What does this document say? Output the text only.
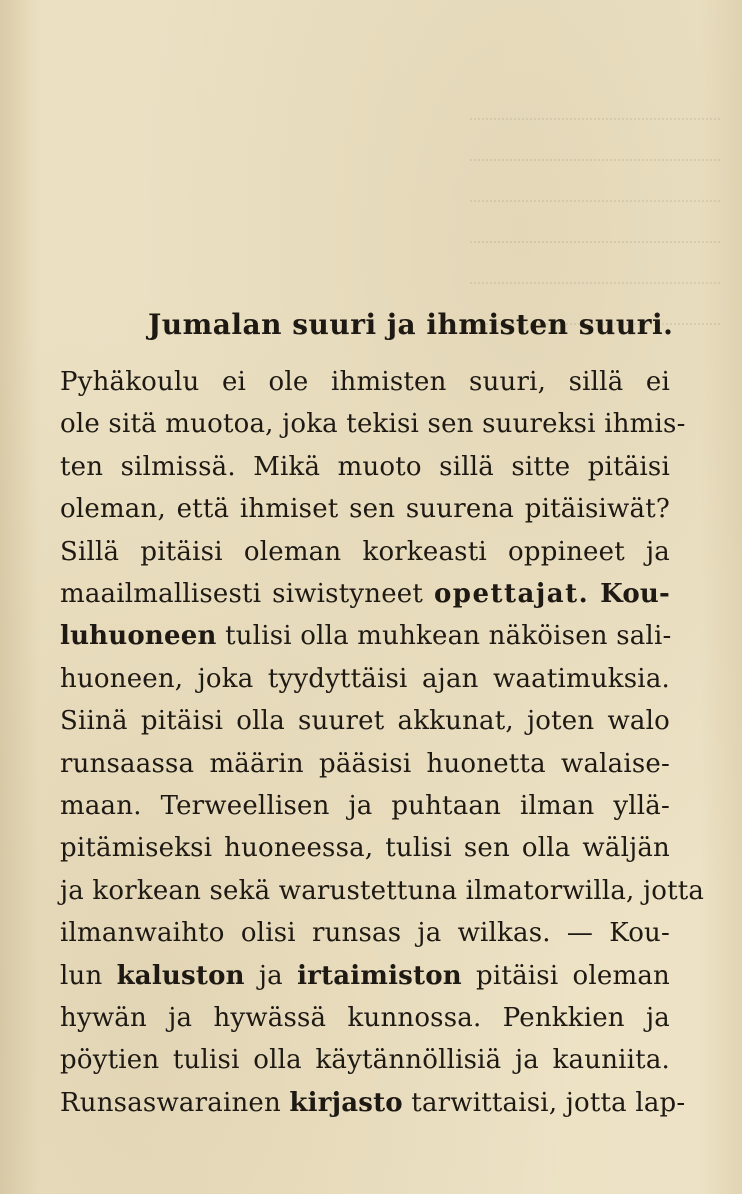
Jumalan suuri ja ihmisten suuri.
Pyhäkoulu ei ole ihmisten suuri, sillä ei
ole sitä muotoa, joka tekisi sen suureksi ihmis-
ten silmissä. Mikä muoto sillä sitte pitäisi
oleman, että ihmiset sen suurena pitäisiwät?
Sillä pitäisi oleman korkeasti oppineet ja
maailmallisesti siwistyneet opettajat. Kou-
luhuoneen tulisi olla muhkean näköisen sali-
huoneen, joka tyydyttäisi ajan waatimuksia.
Siinä pitäisi olla suuret akkunat, joten walo
runsaassa määrin pääsisi huonetta walaise-
maan. Terweellisen ja puhtaan ilman yllä-
pitämiseksi huoneessa, tulisi sen olla wäljän
ja korkean sekä warustettuna ilmatorwilla, jotta
ilmanwaihto olisi runsas ja wilkas. — Kou-
lun kaluston ja irtaimiston pitäisi oleman
hywän ja hywässä kunnossa. Penkkien ja
pöytien tulisi olla käytännöllisiä ja kauniita.
Runsaswarainen kirjasto tarwittaisi, jotta lap-
